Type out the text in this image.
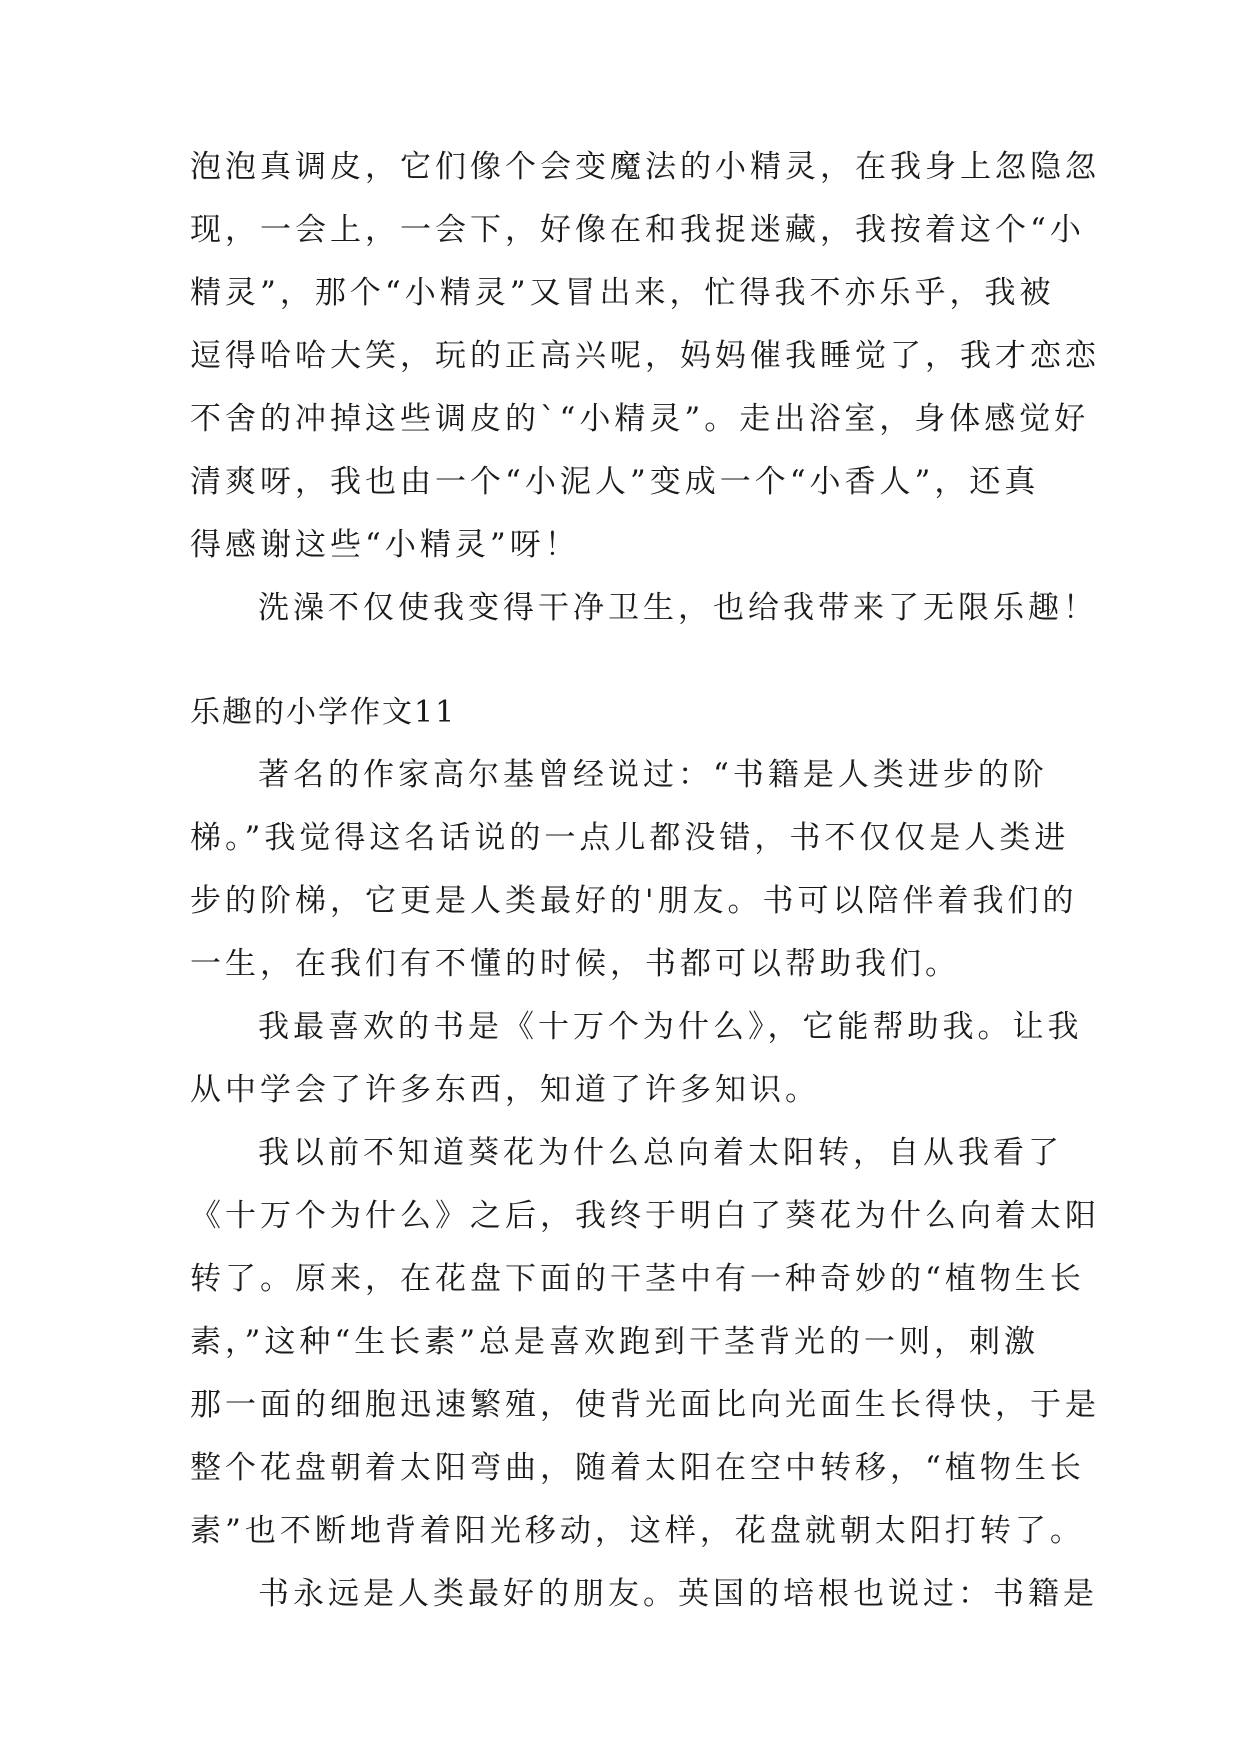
泡泡真调皮，它们像个会变魔法的小精灵，在我身上忽隐忽
现，一会上，一会下，好像在和我捉迷藏，我按着这个“小
精灵”，那个“小精灵”又冒出来，忙得我不亦乐乎，我被
逗得哈哈大笑，玩的正高兴呢，妈妈催我睡觉了，我才恋恋
不舍的冲掉这些调皮的`“小精灵”。走出浴室，身体感觉好
清爽呀，我也由一个“小泥人”变成一个“小香人”，还真
得感谢这些“小精灵”呀！
洗澡不仅使我变得干净卫生，也给我带来了无限乐趣！
乐趣的小学作文11
著名的作家高尔基曾经说过：“书籍是人类进步的阶
梯。”我觉得这名话说的一点儿都没错，书不仅仅是人类进
步的阶梯，它更是人类最好的'朋友。书可以陪伴着我们的
一生，在我们有不懂的时候，书都可以帮助我们。
我最喜欢的书是《十万个为什么》，它能帮助我。让我
从中学会了许多东西，知道了许多知识。
我以前不知道葵花为什么总向着太阳转，自从我看了
《十万个为什么》之后，我终于明白了葵花为什么向着太阳
转了。原来，在花盘下面的干茎中有一种奇妙的“植物生长
素，”这种“生长素”总是喜欢跑到干茎背光的一则，刺激
那一面的细胞迅速繁殖，使背光面比向光面生长得快，于是
整个花盘朝着太阳弯曲，随着太阳在空中转移，“植物生长
素”也不断地背着阳光移动，这样，花盘就朝太阳打转了。
书永远是人类最好的朋友。英国的培根也说过：书籍是
